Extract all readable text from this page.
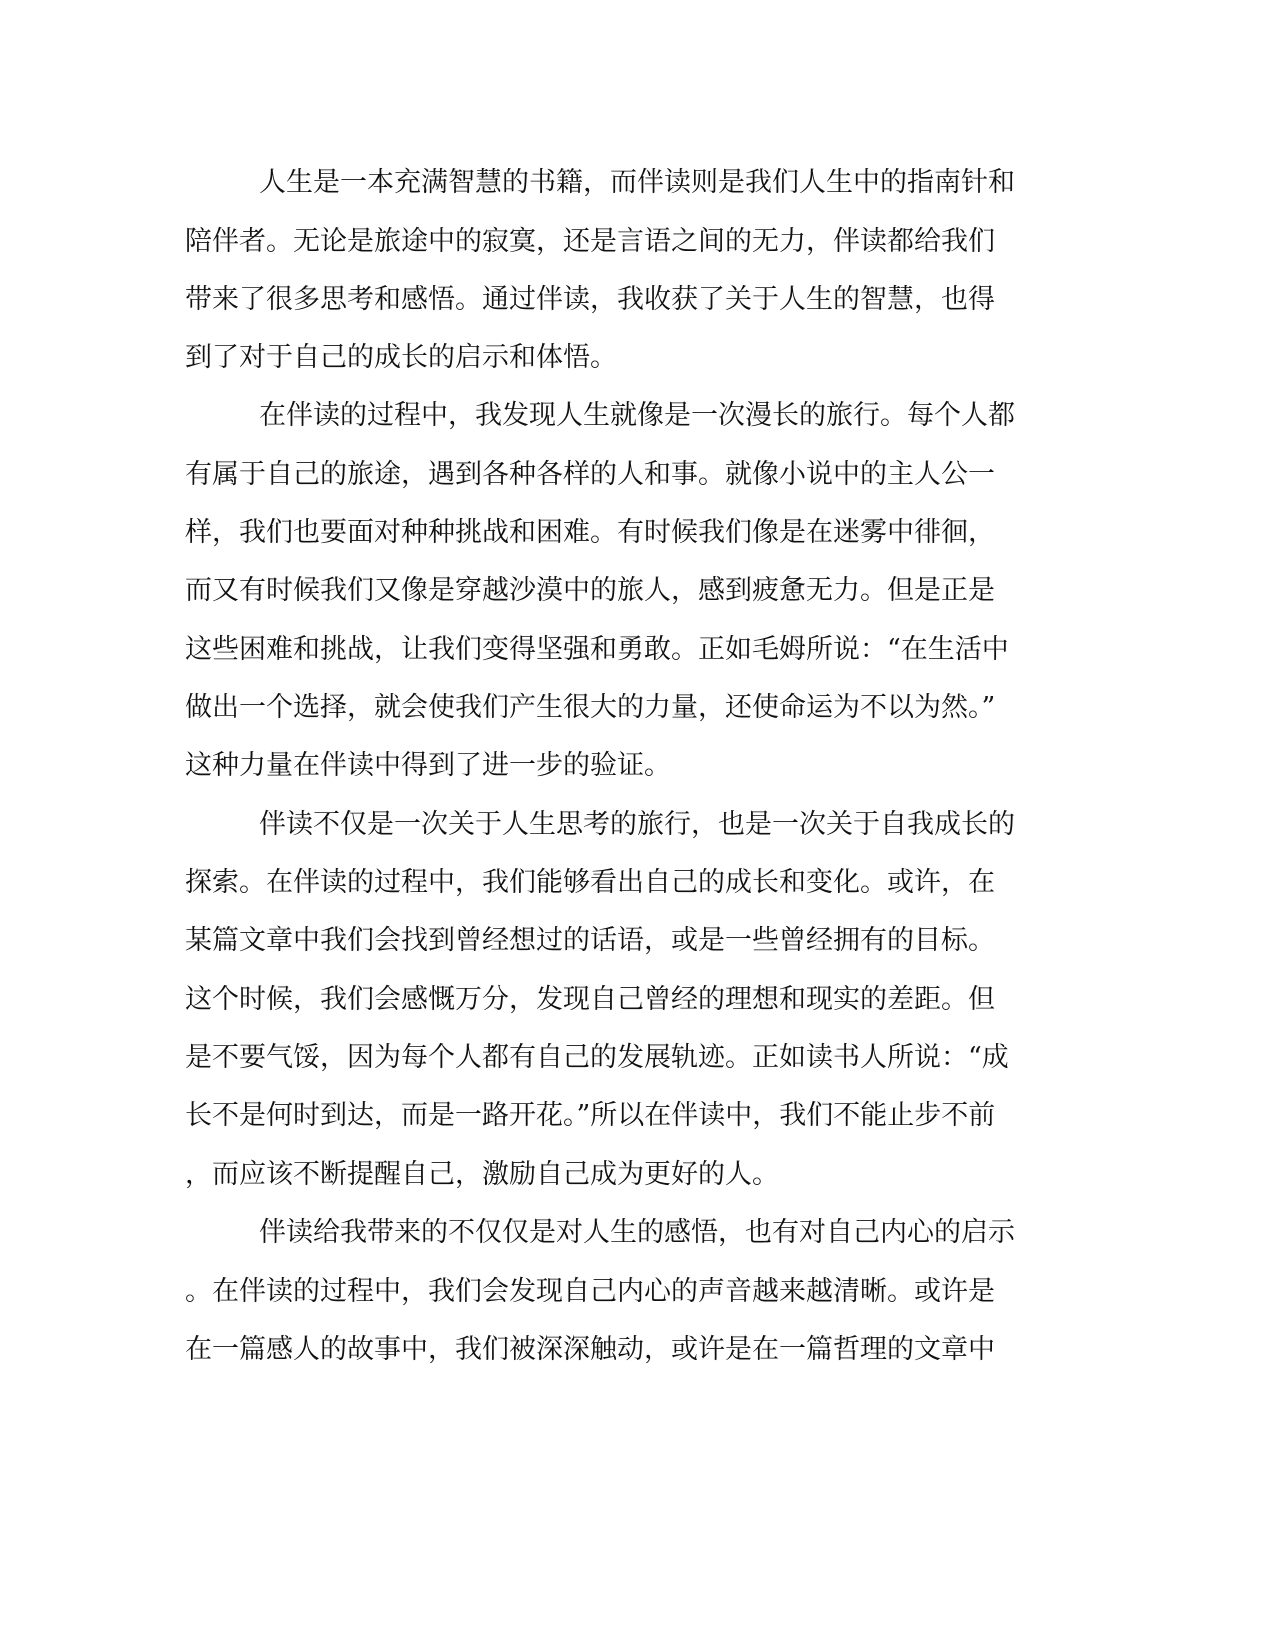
人生是一本充满智慧的书籍，而伴读则是我们人生中的指南针和

陪伴者。无论是旅途中的寂寞，还是言语之间的无力，伴读都给我们

带来了很多思考和感悟。通过伴读，我收获了关于人生的智慧，也得

到了对于自己的成长的启示和体悟。

在伴读的过程中，我发现人生就像是一次漫长的旅行。每个人都

有属于自己的旅途，遇到各种各样的人和事。就像小说中的主人公一

样，我们也要面对种种挑战和困难。有时候我们像是在迷雾中徘徊，

而又有时候我们又像是穿越沙漠中的旅人，感到疲惫无力。但是正是

这些困难和挑战，让我们变得坚强和勇敢。正如毛姆所说：“在生活中

做出一个选择，就会使我们产生很大的力量，还使命运为不以为然。”

这种力量在伴读中得到了进一步的验证。

伴读不仅是一次关于人生思考的旅行，也是一次关于自我成长的

探索。在伴读的过程中，我们能够看出自己的成长和变化。或许，在

某篇文章中我们会找到曾经想过的话语，或是一些曾经拥有的目标。

这个时候，我们会感慨万分，发现自己曾经的理想和现实的差距。但

是不要气馁，因为每个人都有自己的发展轨迹。正如读书人所说：“成

长不是何时到达，而是一路开花。”所以在伴读中，我们不能止步不前

，而应该不断提醒自己，激励自己成为更好的人。

伴读给我带来的不仅仅是对人生的感悟，也有对自己内心的启示

。在伴读的过程中，我们会发现自己内心的声音越来越清晰。或许是

在一篇感人的故事中，我们被深深触动，或许是在一篇哲理的文章中
